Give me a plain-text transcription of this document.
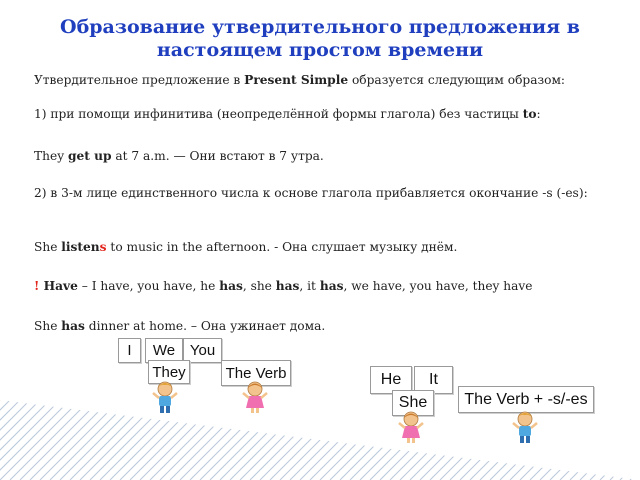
Образование утвердительного предложения в
настоящем простом времени
Утвердительное предложение в Present Simple образуется следующим образом:
1) при помощи инфинитива (неопределённой формы глагола) без частицы to:
They get up at 7 a.m. — Они встают в 7 утра.
2) в 3-м лице единственного числа к основе глагола прибавляется окончание -s (-es):
She listens to music in the afternoon. - Она слушает музыку днём.
! Have – I have, you have, he has, she has, it has, we have, you have, they have
She has dinner at home. – Она ужинает дома.
I	We You
They	The Verb	He	It
She	The Verb + -s/-es
